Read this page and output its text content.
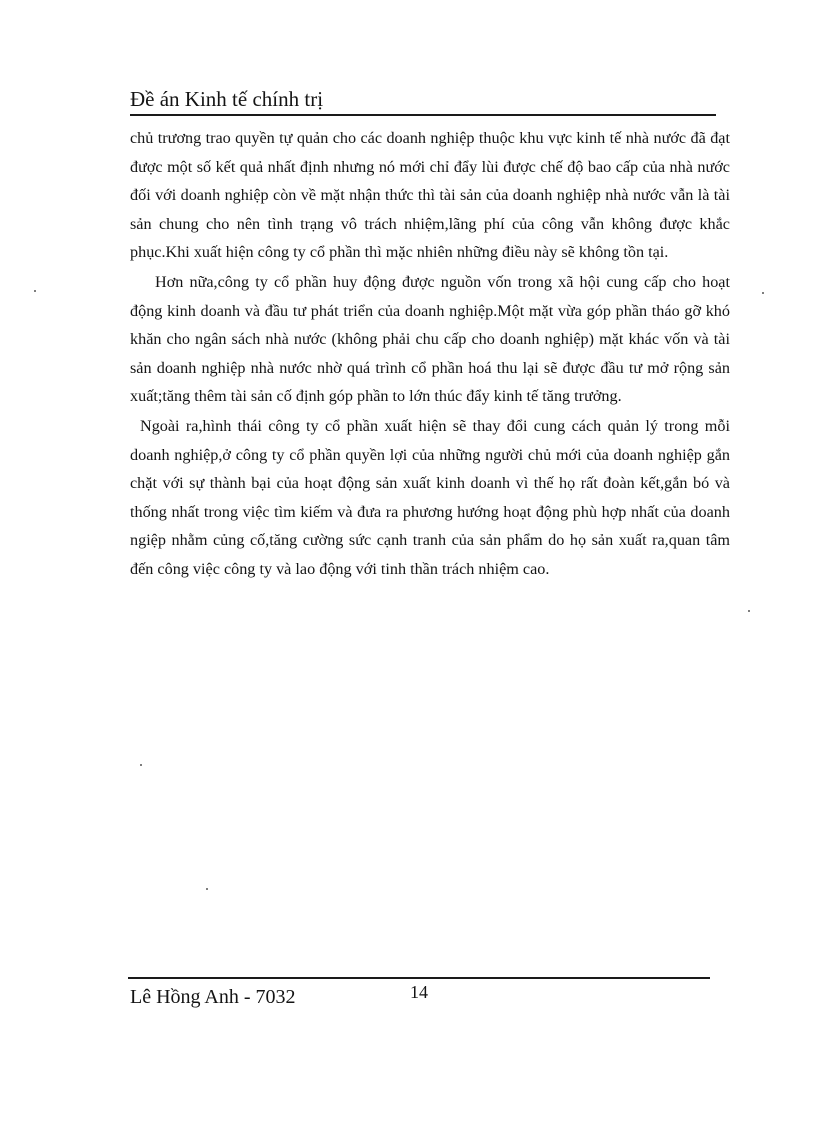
Đề án Kinh tế chính trị

chủ trương trao quyền tự quản cho các doanh nghiệp thuộc khu vực kinh tế nhà nước đã đạt được một số kết quả nhất định nhưng nó mới chỉ đẩy lùi được chế độ bao cấp của nhà nước đối với doanh nghiệp còn về mặt nhận thức thì tài sản của doanh nghiệp nhà nước vẫn là tài sản chung cho nên tình trạng vô trách nhiệm,lãng phí của công vẫn không được khắc phục.Khi xuất hiện công ty cổ phần thì mặc nhiên những điều này sẽ không tồn tại.

Hơn nữa,công ty cổ phần huy động được nguồn vốn trong xã hội cung cấp cho hoạt động kinh doanh và đầu tư phát triển của doanh nghiệp.Một mặt vừa góp phần tháo gỡ khó khăn cho ngân sách nhà nước (không phải chu cấp cho doanh nghiệp) mặt khác vốn và tài sản doanh nghiệp nhà nước nhờ quá trình cổ phần hoá thu lại sẽ được đầu tư mở rộng sản xuất;tăng thêm tài sản cố định góp phần to lớn thúc đẩy kinh tế tăng trưởng.

Ngoài ra,hình thái công ty cổ phần xuất hiện sẽ thay đổi cung cách quản lý trong mỗi doanh nghiệp,ở công ty cổ phần quyền lợi của những người chủ mới của doanh nghiệp gắn chặt với sự thành bại của hoạt động sản xuất kinh doanh vì thế họ rất đoàn kết,gắn bó và thống nhất trong việc tìm kiếm và đưa ra phương hướng hoạt động phù hợp nhất của doanh ngiệp nhằm củng cố,tăng cường sức cạnh tranh của sản phẩm do họ sản xuất ra,quan tâm đến công việc công ty và lao động với tinh thần trách nhiệm cao.

Lê Hồng Anh - 7032	14
